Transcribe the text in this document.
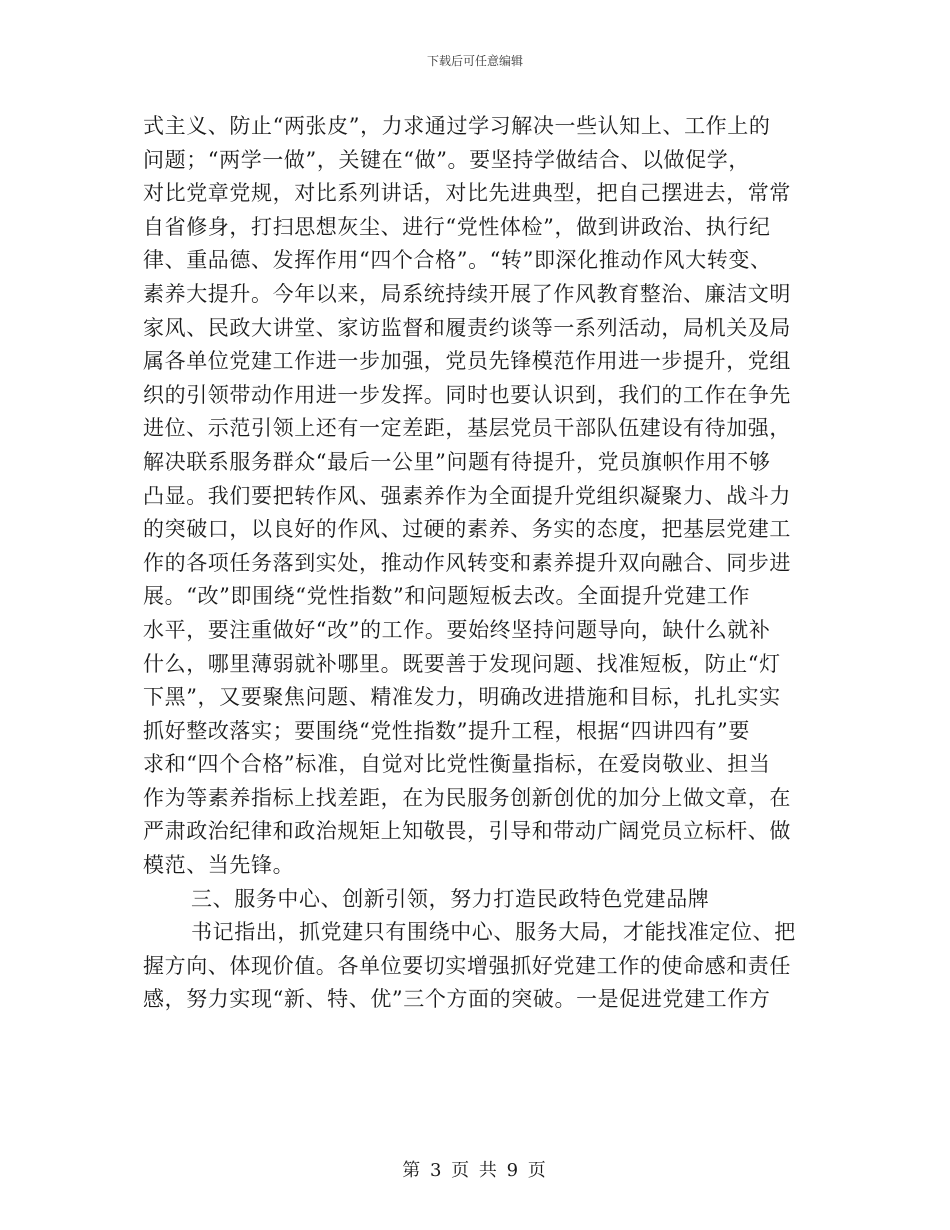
下载后可任意编辑
式主义、防止“两张皮”，力求通过学习解决一些认知上、工作上的
问题；“两学一做”，关键在“做”。要坚持学做结合、以做促学，
对比党章党规，对比系列讲话，对比先进典型，把自己摆进去，常常
自省修身，打扫思想灰尘、进行“党性体检”，做到讲政治、执行纪
律、重品德、发挥作用“四个合格”。“转”即深化推动作风大转变、
素养大提升。今年以来，局系统持续开展了作风教育整治、廉洁文明
家风、民政大讲堂、家访监督和履责约谈等一系列活动，局机关及局
属各单位党建工作进一步加强，党员先锋模范作用进一步提升，党组
织的引领带动作用进一步发挥。同时也要认识到，我们的工作在争先
进位、示范引领上还有一定差距，基层党员干部队伍建设有待加强，
解决联系服务群众“最后一公里”问题有待提升，党员旗帜作用不够
凸显。我们要把转作风、强素养作为全面提升党组织凝聚力、战斗力
的突破口，以良好的作风、过硬的素养、务实的态度，把基层党建工
作的各项任务落到实处，推动作风转变和素养提升双向融合、同步进
展。“改”即围绕“党性指数”和问题短板去改。全面提升党建工作
水平，要注重做好“改”的工作。要始终坚持问题导向，缺什么就补
什么，哪里薄弱就补哪里。既要善于发现问题、找准短板，防止“灯
下黑”，又要聚焦问题、精准发力，明确改进措施和目标，扎扎实实
抓好整改落实；要围绕“党性指数”提升工程，根据“四讲四有”要
求和“四个合格”标准，自觉对比党性衡量指标，在爱岗敬业、担当
作为等素养指标上找差距，在为民服务创新创优的加分上做文章，在
严肃政治纪律和政治规矩上知敬畏，引导和带动广阔党员立标杆、做
模范、当先锋。
三、服务中心、创新引领，努力打造民政特色党建品牌
书记指出，抓党建只有围绕中心、服务大局，才能找准定位、把
握方向、体现价值。各单位要切实增强抓好党建工作的使命感和责任
感，努力实现“新、特、优”三个方面的突破。一是促进党建工作方
第 3 页 共 9 页
